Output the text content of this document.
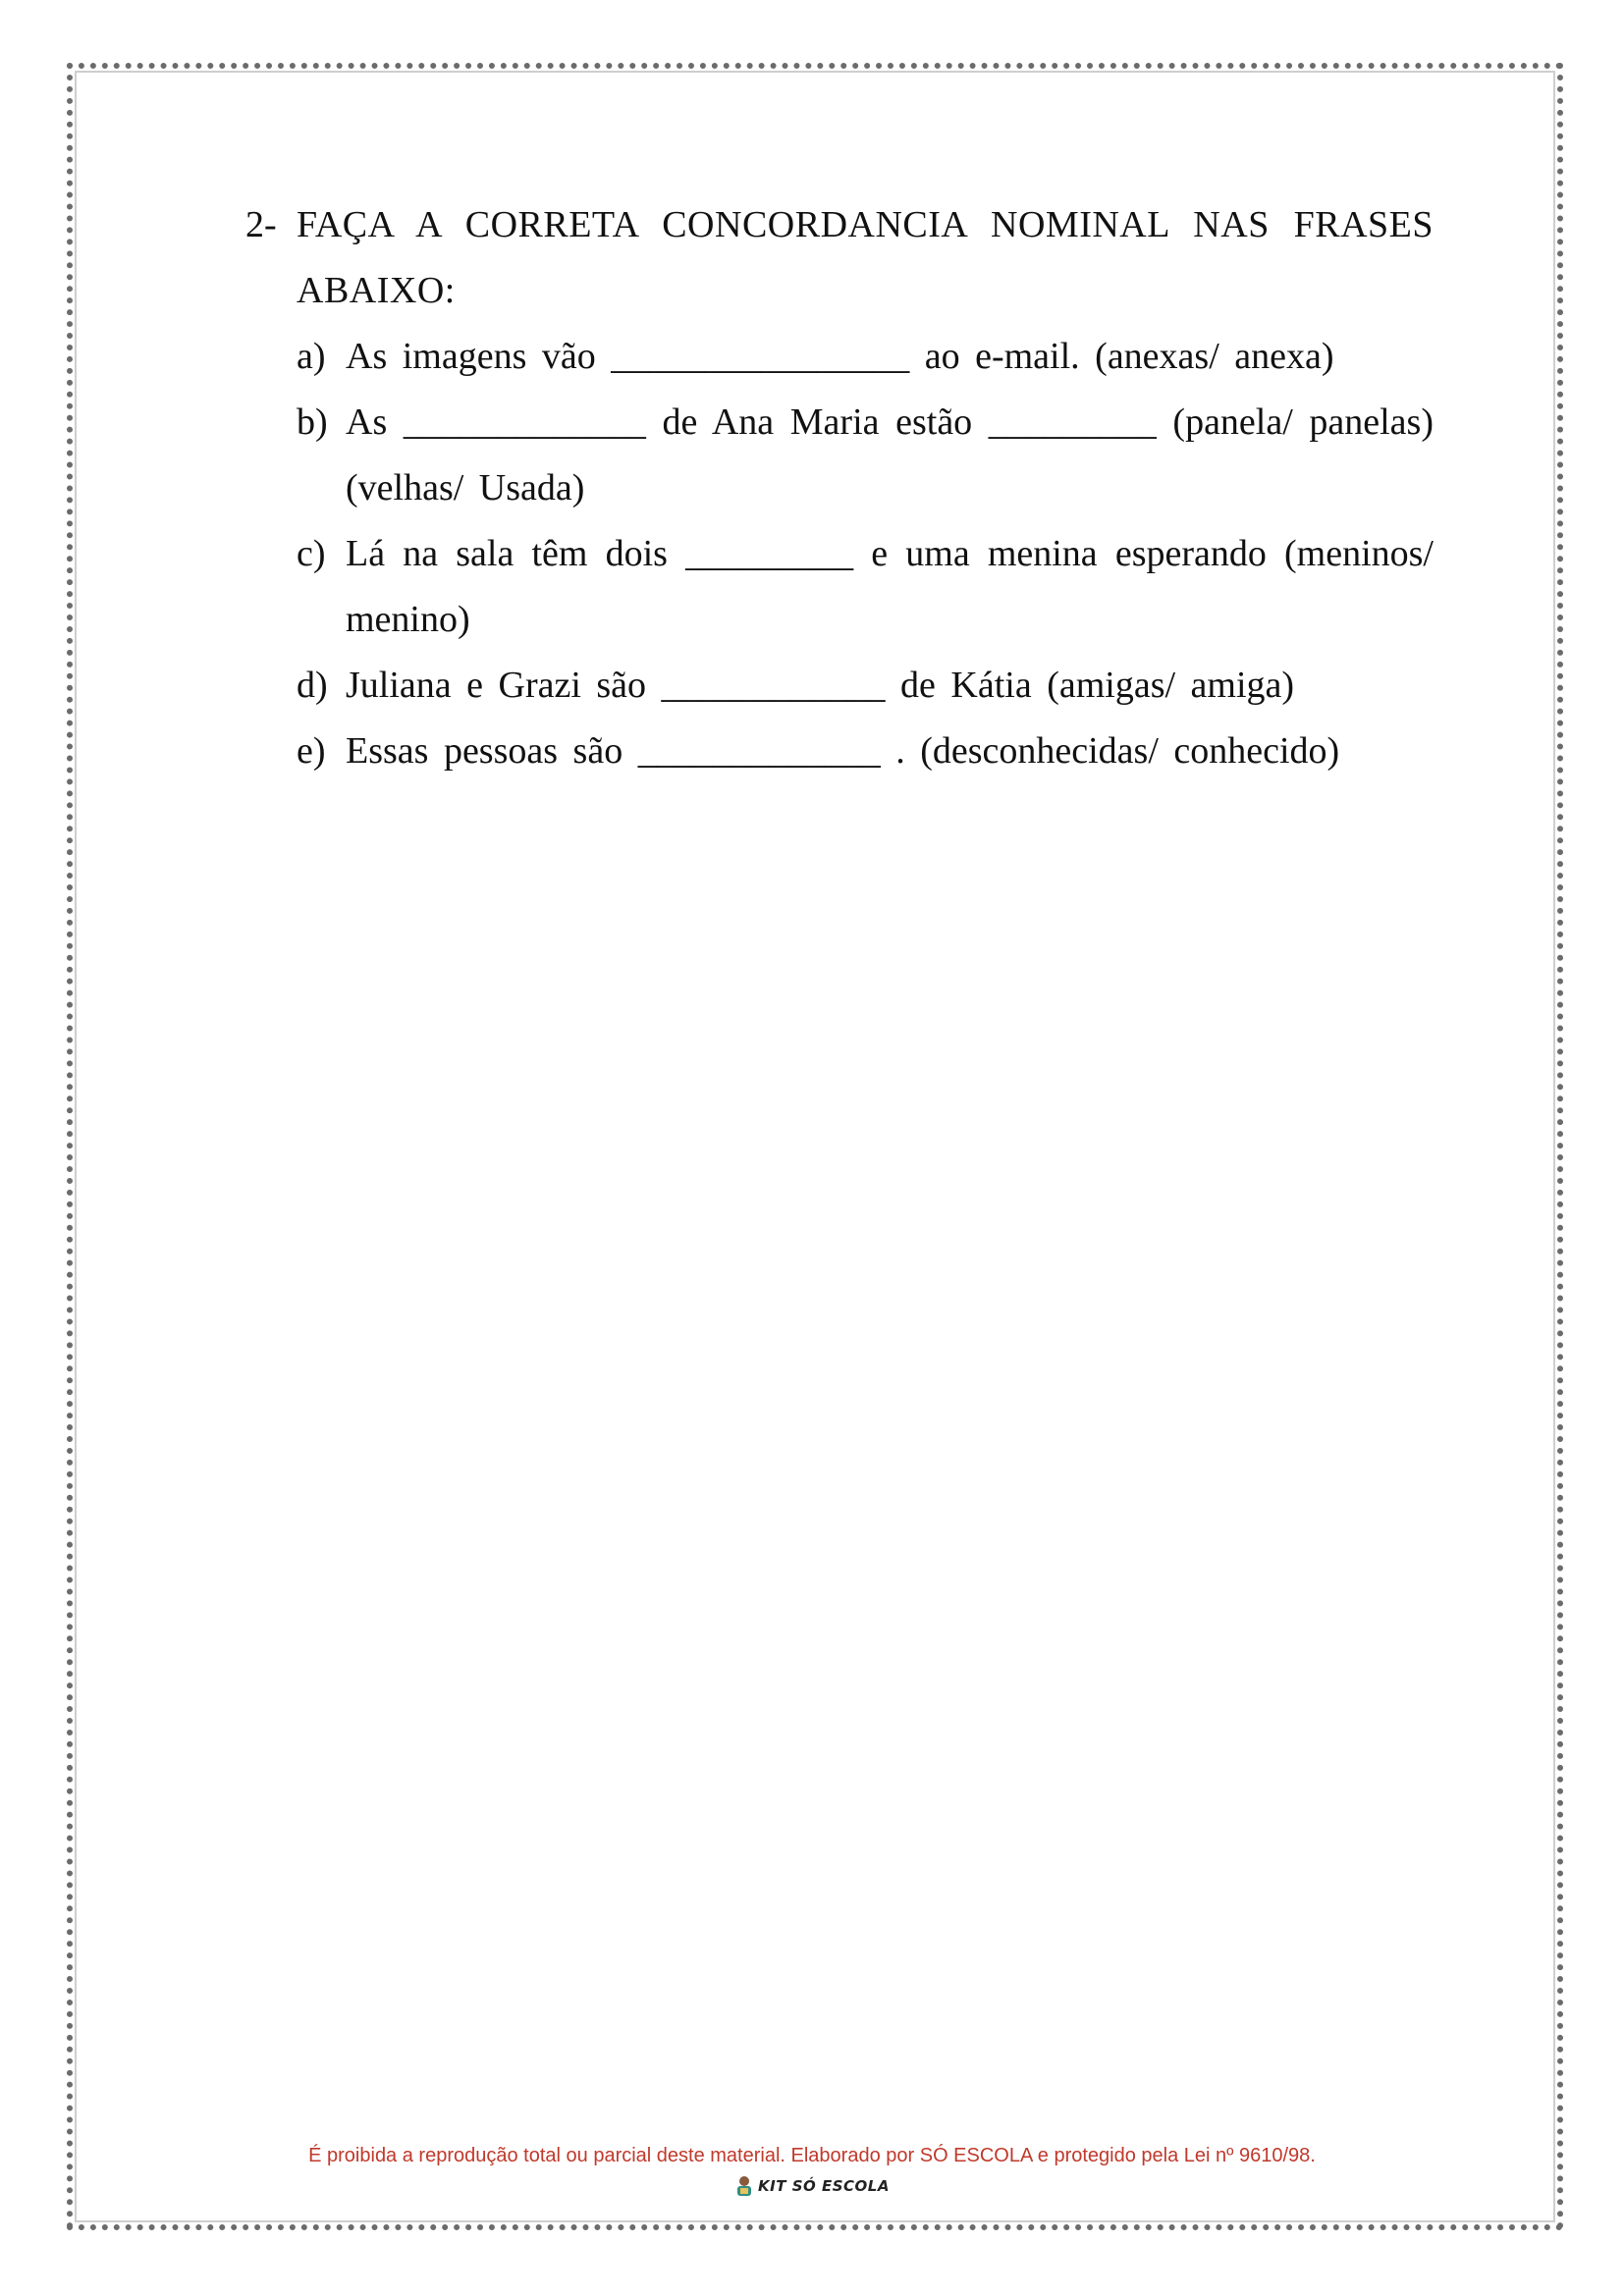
2- FAÇA A CORRETA CONCORDANCIA NOMINAL NAS FRASES ABAIXO:
a) As imagens vão ________________ ao e-mail. (anexas/ anexa)
b) As _____________ de Ana Maria estão _________ (panela/ panelas) (velhas/ Usada)
c) Lá na sala têm dois _________ e uma menina esperando (meninos/ menino)
d) Juliana e Grazi são ____________ de Kátia (amigas/ amiga)
e) Essas pessoas são _____________ . (desconhecidas/ conhecido)
É proibida a reprodução total ou parcial deste material. Elaborado por SÓ ESCOLA e protegido pela Lei nº 9610/98.
KIT SÓ ESCOLA
